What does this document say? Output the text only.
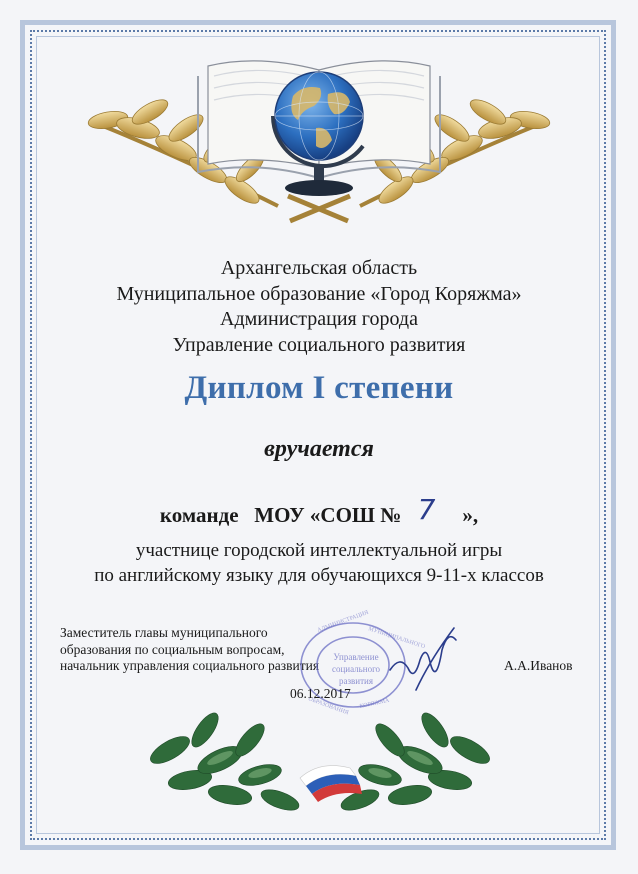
Архангельская область
Муниципальное образование «Город Коряжма»
Администрация города
Управление социального развития
Диплом I степени
вручается
команде   МОУ «СОШ № 7   »,
участнице городской интеллектуальной игры
по английскому языку для обучающихся 9-11-х классов
Заместитель главы муниципального
образования по социальным вопросам,
начальник управления социального развития
Управление
социального
развития
АДМИНИСТРАЦИЯ
МУНИЦИПАЛЬНОГО
ОБРАЗОВАНИЯ КОРЯЖМА
А.А.Иванов
06.12.2017
